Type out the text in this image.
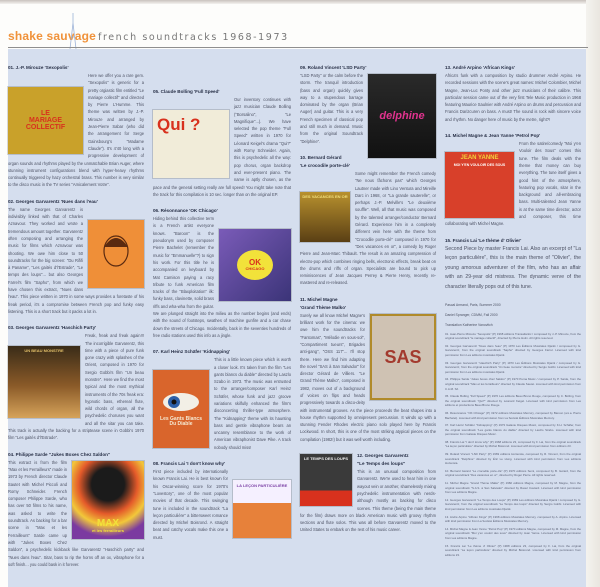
shake sauvage french soundtracks 1968-1973
01. J.-P. Mirouze 'Sexopolis'
LE
MARIAGE
COLLECTIF

Here we offer you a rare gem. "Sexopolis" is generic for a pretty orgiastic film entitled "Le mariage collectif" and directed by Pierre L'Humme. This theme was written by J.-P. Mirouze and arranged by Jean-Pierre Sabar (who did the arrangement for Serge Gainsbourg's "Madame Claude"). It's 4'40 long with a progressive development of organ sounds and rhythms played by the unmatchable Brian Auger, where stunning instrument configurations blend with hyper-heavy rhythms continually triggered by hazy orchestral brass. This number is very similar to the disco music in the TV series "Amicalement Votre".

02. Georges Garvarentz 'Nues dans l'eau'

The name Georges Garvarentz is indivisibly linked with that of Charles Aznavour. They worked and wrote a tremendous amount together. Garvarentz often composing and arranging the music for films which Aznavour was shooting. We owe him close to 50 soundtracks for the big screen: "Du Rififi à Paname", "Les gaités d'l'Estrade", "Le temps des loups"... but also Georges Farrel's film "Sapho", from which we have chosen this extract, "Nues dans l'eau". This piece written in 1970 in some ways provides a foretaste of his freak period, it's a compromise between French pop and funky easy listening. This is a short track but it packs a lot in.

03. Georges Garvarentz 'Haschich Party'
UN BEAU MONSTRE

Freak, freak and freak again!!! The incorrigible Garvarentz, this time with a piece of pure funk gone crazy with splashes of the Orient, composed in 1970 for Sergio Gobbi's film "Un beau monstre". Here we find the most typical and the most mythical instruments of the 70s freak era: hypnotic bass, ethereal flute, wild chords of organ, all the psychedelic choruses you want and all the sitar you can take. This track is actually the backing for a striptease scene in Gobbi's 1970 film "Les gaités d'l'Estrade".

04. Philippe Sarde "Jukes Boxes Chez Saldon"
MAX
et les ferrailleurs

This extract is from the film "Max et les Ferrailleurs" made in 1973 by French director Claude Sautet with Michel Piccoli and Romy Schneider. French composer Philippe Sarde, who has over 50 films to his name, was asked to write the soundtrack. As backing for a bar scene in "Max et les Ferrailleurs" Sarde came up with "Jukes Boxes Chez Saldon", a psychedelic kickback like Garvarentz "Haschich party" and "Nues dans l'eau". Sitar, bass to rip the horns off an ox, vibraphone for a soft finish... you could bask in it forever.

05. Claude Bolling 'Full Speed'
Qui ?

Our inventory continues with jazz musician Claude Bolling ("Borsalino", "Le Magnifique"...). We have selected the pop theme "Full Speed" written in 1970 for Léonard Keigel's drama "Qui?" with Romy Schneider. Again, this is psychedelic all the way: pop chorus, organ backdrop and ever-present piano. The name is aptly chosen, as the pace and the general setting really are full speed! You might take note that the track for this compilation is 10 sec. longer than on the original EP.

06. Résonnance 'OK Chicago'
OK
CHICAGO

Hiding behind this collective term is a French artist everyone knows. "Baroon" is the pseudonym used by composer Pierre Bachelet (remember the music for "Emmanuelle"?) to sign his work. For this title he is accompanied on keyboard by Mat Camison paying a racy tribute to funk American film tracks of the "Blaxploitation" ilk: funky bass, clavinette, solid brass riffs and wha-wha from the guitar. We are plunged straight into the milieu as the number begins (and ends) with the sound of footsteps, swathes of machine gunfire and a car chase down the streets of Chicago. Incidentally, back in the seventies hundreds of free radio stations used this info as a jingle.

07. Karl Heinz Schäfer 'Kidnapping'
Les Gants Blancs Du Diable

This is a little known piece which is worth a closer look. It's taken from the film "Les gants blancs du diable" directed by Laszlo Szabo in 1973. The music was entrusted to the arranger/composer Karl Heinz Schäfer, whose funk and jazz groove variations skilfully enhanced the film's disconcerting thriller-type atmosphere. The "Kidnapping" theme with its haunting bass and gentle vibraphone bears an uncanny resemblance to the work of American vibraphonist Dave Pike. A track nobody should miss!

08. Francis Lai 'I don't know why'
LA LEÇON PARTICULIÈRE

First piece included by internationally known Francis Lai. He is best known for his Oscar-winning score for 1970's "Lovestory", one of the most popular movies of that decade. This swinging tune is included in the soundtrack "La leçon particulière" a bittersweet romance directed by Michel Boisrond. A straight beat and catchy vocals make this one a must.

09. Roland Vincent 'LSD Party'
delphine

"LSD Party" or the calm before the storm. The tranquil introduction (bass and organ) quickly gives way to a stupendous barrage dominated by the organ (Brian Auger) and guitar. This is a very French specimen of classical pop and still much in demand. Music from the original Soundtrack "Delphine".

10. Bernard Gérard
'Le crocodile porte-clé'
DES VACANCES EN OR

Some might remember the French comedy "Ne nous fâchons pas" which Georges Lautner made with Lino Ventura and Mireille Darc in 1968, or "La grande sauterelle", or perhaps J.-P. Melville's "Le deuxième souffle". Well, all that music was composed by the talented arranger/conductor Bernard Gérard. Experience him in a completely different vein here with the theme from "Crocodile porte-clé" composed in 1970 for "Des vacances en or", a comedy by Roger Pierre and Jean-Marc Thibault. The result is an amazing compression of electro-pop which combines ringing bells, electronic effects, break beat on the drums and riffs of organ. Specialists are bound to pick up reminiscences of Jean Jacques Perrey & Pierre Henry, recently re-mastered and re-released.

11. Michel Magne
'Grand Thème Malko'
SAS

Surely we all know Michel Magne's brilliant work for the cinema: we owe him the soundtracks for "Fantomas", "Mélodie en sous-sol", "Compartiment tueurs", Brigades anti-gang", "OSS 117"... I'll stop there. Here we find him adapting the novel "SAS à San Salvador" for director Gérard de Villiers. "Le Grand Thème Malko", composed in 1982, moves out of a background of voices on flips and heads progressively towards a disco-deity with instrumental grooves. As the piece proceeds the beat shapes into a house rhythm supported by omnipresent percussion. It winds up with a stunning Fender Rhodes electric piano solo played here by Francis Lockwood. In short, this is one of the most striking atypical pieces on the compilation (1982!) but it was well worth including.

LE TEMPS DES LOUPS
12. Georges Garvarentz
"Le Temps des loups"

This is an unusual composition from Garvarentz. We're used to hear him in one wayout vein or another, shamelessly mixing psychedelic instrumentation with nerds-although mostly as backing for disco scenes. This theme (being the main theme for the film) draws more on black American music with groovy rhythm sections and flute solos. This was all before Garvarentz moved to the United States to embark on the rest of his music career.

13. André Arpino 'African Kings'

Africa's funk with a composition by studio drummer André Arpino. He recorded sessions with the scene's great names: Michel Colombier, Michel Magne, Jean-Luc Ponty and other jazz musicians of their calibre. This particular session came out of the very first Tele Music production in 1968 featuring Maurice Saulnier with André Arpino on drums and percussion and Francis Darizcuren on bass. A must! The sound is rock with sincere voice and rhythm. No danger here of music by the metre, right?!

14. Michel Magne & Jean Yanne 'Petrol Pop'
JEAN YANNE
MOI Y'EN VOULOIR DES SOUS

From the satire/comedy "Moi y'en Vouloir des Sous" comes this tune. The film deals with the theme that money can buy everything. The tune itself gives a good hint of the atmosphere, featuring pop vocals, sitar in the background and all-embracing bass. Multi-talented Jean Yanne is at the same time director, actor and composer, this time collaborating with Michel Magne.

15. Francis Lai 'Le thème d' Olivier'

Second Piece by master Francis Lai. Also an excerpt of "La leçon particulière", this is the main theme of "Olivier", the young amorous adventurer of the film, who has an affair with an 29-year old mistress. The dynamic verve of the character literally pops out of this tune.

Pascal Armand, Paris, Summer 2000
Daniel Spranger, CDMM, Fall 2000
Translation Katherine Vanovitch
01. Jean-Pierre Mirouze "Sexopolis" (P) 1968 éditions Transatlantic / composed by J.-P. Mirouze, from the original soundtrack "le mariage collectif", directed by Pierre Hulm. All rights reserved.
02. Georges Garvarentz "Nues dans l'eau" (P) 1970 Les Éditions Musicales Djanik / composed by G. Garvarentz, from the original soundtrack "Sapho" directed by Georges Farrel. Licensed with kind permission from Les éditions musicales Djanik.
03. Georges Garvarentz "Haschich Party" (P) 1970 Les Éditions Musicales Djanik / composed by G. Garvarentz, from the original soundtrack "Un beau monstre" directed by Sergio Gobbi. Licensed with kind permission from Les éditions musicales Djanik.
04. Philippe Sarde "Jukes boxes chez Saldon" (P) 1970 Pema Music / composed by P. Sarde, from the original soundtrack "Max et les ferrailleurs" directed by Claude Sautet. Licensed with kind permission from C.A.M. Srl.
05. Claude Bolling "Full Speed" (P) 1970 Les éditions Beau Bruno Rouge, composed by C. Bolling, from the original soundtrack "Qui?" directed by Léonard Keigel. Licensed with kind permission from Les éditions et productions Beau Bruno Rouge.
06. Résonnance "OK Chicago" (P) 1972 éditions Musicales Mercury, composed by Baroon (a.k.a. Pierre Bachelet). Licensed with kind permission from La Société Éditions Musicales Mercury.
07. Karl Heinz Schäfer "Kidnapping" (P) 1973 Galaxie Disques Music, composed by K.H. Schäfer, from the original soundtrack "Les gants blancs du diable" directed by Laszlo Szabo. Licensed with kind permission from Galaxie Disques Music.
08. Francis Lai "I don't know why" (P) 1968 éditions 23, composed by F. Lai, from the original soundtrack "La leçon particulière" directed by Michel Boisrond. Licensed with kind permission from éditions 23.
09. Roland Vincent "LSD Party" (P) 1969 éditions Hortensia, composed by R. Vincent, from the original soundtrack "Delphine" directed by Éric Le Hung. Licensed with kind permission from Les éditions Hortensia.
10. Bernard Gérard "Le crocodile porte-clé" (P) 1970 éditions Semi, composed by B. Gérard, from the original soundtrack "Des vacances en or", directed by Roger Pierre. All rights reserved.
11. Michel Magne "Grand Thème Malko" (P) 1982 éditions Magne, composed by M. Magne, from the original soundtrack "S.A.S. à San Salvador" directed by Raoul Coutard. Licensed with kind permission from Les éditions Magne.
12. Georges Garvarentz "Le Temps des Loups" (P) 1969 Les éditions Musicales Djanik / composed by G. Garvarentz, from the original soundtrack "Le Temps des loups" directed by Sergio Gobbi. Licensed with kind permission from Les éditions musicales Djanik.
13. André Arpino "African Kings" (P) 1968 éditions Musicales Mercury, composed by A. Arpino. Licensed with kind permission from La Société Éditions Musicales Mercury.
14. Michel Magne & Jean Yanne "Petrol Pop" (P) 1970 éditions Magne, composed by M. Magne, from the original soundtrack "Moi y'en vouloir des sous" directed by Jean Yanne. Licensed with kind permission from Les éditions Magne.
15. Francis Lai "Le thème d' Olivier" (P) 1968 éditions 23, composed by F. Lai, from the original soundtrack "La leçon particulière" directed by Michel Boisrond. Licensed with kind permission from éditions 23.
